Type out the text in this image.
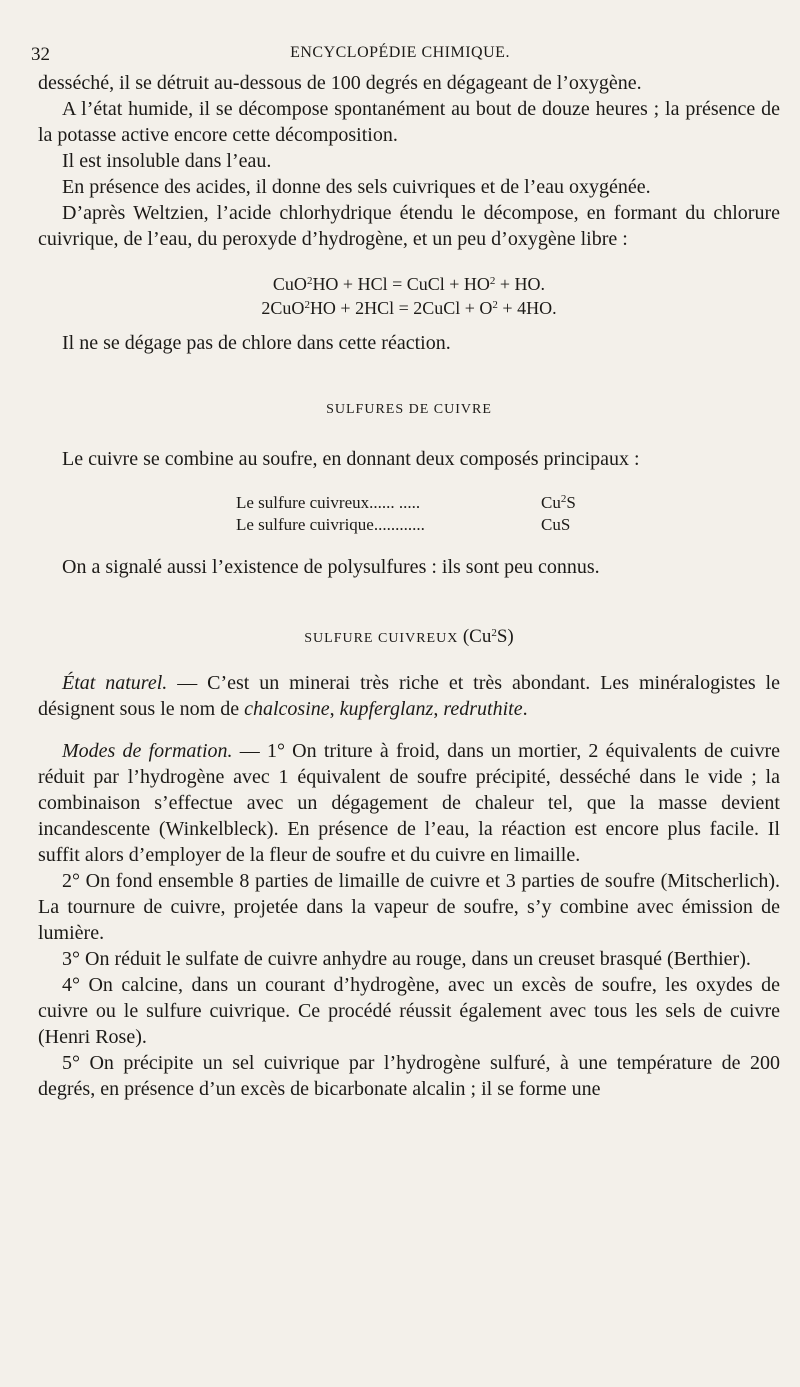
32	ENCYCLOPÉDIE CHIMIQUE.

desséché, il se détruit au-dessous de 100 degrés en dégageant de l’oxygène.

A l’état humide, il se décompose spontanément au bout de douze heures ; la présence de la potasse active encore cette décomposition.

Il est insoluble dans l’eau.

En présence des acides, il donne des sels cuivriques et de l’eau oxygénée.

D’après Weltzien, l’acide chlorhydrique étendu le décompose, en formant du chlorure cuivrique, de l’eau, du peroxyde d’hydrogène, et un peu d’oxygène libre :

CuO$^2$HO + HCl = CuCl + $HO^2$ + HO.
2CuO$^2$HO + 2HCl = 2CuCl + $O^2 + 4HO$.

Il ne se dégage pas de chlore dans cette réaction.

SULFURES DE CUIVRE

Le cuivre se combine au soufre, en donnant deux composés principaux :

Le sulfure cuivreux...... .....	Cu$^2$S
Le sulfure cuivrique............	CuS

On a signalé aussi l’existence de polysulfures : ils sont peu connus.

SULFURE CUIVREUX (Cu$^2$S)

État naturel. — C’est un minerai très riche et très abondant. Les minéralogistes le désignent sous le nom de chalcosine, kupferglanz, redruthite.

Modes de formation. — 1° On triture à froid, dans un mortier, 2 équivalents de cuivre réduit par l’hydrogène avec 1 équivalent de soufre précipité, desséché dans le vide ; la combinaison s’effectue avec un dégagement de chaleur tel, que la masse devient incandescente (Winkelbleck). En présence de l’eau, la réaction est encore plus facile. Il suffit alors d’employer de la fleur de soufre et du cuivre en limaille.

2° On fond ensemble 8 parties de limaille de cuivre et 3 parties de soufre (Mitscherlich). La tournure de cuivre, projetée dans la vapeur de soufre, s’y combine avec émission de lumière.

3° On réduit le sulfate de cuivre anhydre au rouge, dans un creuset brasqué (Berthier).

4° On calcine, dans un courant d’hydrogène, avec un excès de soufre, les oxydes de cuivre ou le sulfure cuivrique. Ce procédé réussit également avec tous les sels de cuivre (Henri Rose).

5° On précipite un sel cuivrique par l’hydrogène sulfuré, à une température de 200 degrés, en présence d’un excès de bicarbonate alcalin ; il se forme une
